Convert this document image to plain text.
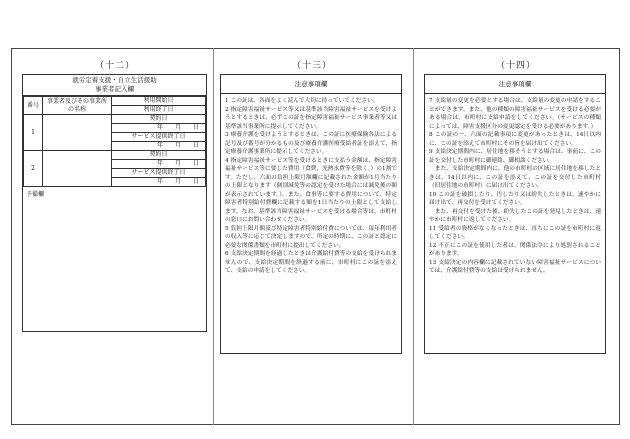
（十二）	（十三）	（十四）
就労定着支援・自立生活援助
事業者記入欄
番号	事業者及びその事業所の名称	利用開始日
		利用終了日
1		契約日
		年　　月　　日
		サービス提供終了日
		年　　月　　日
2		契約日
		年　　月　　日
		サービス提供終了日
		年　　月　　日
予備欄
注意事項欄

1 この証は、各面をよく読んで大切に持っていてください。

2 指定障害福祉サービス等又は基準該当障害福祉サービスを受けようとするときは、必ずこの証を指定障害福祉サービス事業者等又は基準該当事業所に提示してください。

3 療養介護を受けようとするときは、この証に医療保険各法による記号及び番号が分かるもの及び療養介護医療受給者証を添えて、指定療養介護事業所に提示してください。

4 指定障害福祉サービス等を受けるときに支払う金額は、指定障害福祉サービス等に要した費用（食費、光熱水費等を除く。）の1割です。ただし、六面の負担上限月額欄に記載された金額が1月当たりの上限となります（個別減免等の認定を受けた場合には減免後の額が表示されています。）。また、食事等に要する費用について、特定障害者特別給付費欄に記載する額を1日当たりの上限として支給します。なお、基準該当障害福祉サービスを受ける場合等は、市町村の窓口にお問い合わせください。

5 負担上限月額及び特定障害者特別給付費については、毎年利用者の収入等に応じて決定しますので、所定の時期に、この証と認定に必要な関係書類を市町村に提出してください。

6 支給決定期間を経過したときは介護給付費等の支給を受けられませんので、支給決定期間を経過する前に、市町村にこの証を添えて、支給の申請をしてください。

注意事項欄

7 支給量の変更を必要とする場合は、支給量の変更の申請をすることができます。また、他の種類の障害福祉サービスを受ける必要がある場合は、市町村に支給申請をしてください。（サービスの種類によっては、障害支援区分の変更認定を受ける必要があります。）

8 この証の一、六面の記載事項に変更があったときは、14日以内に、この証を添えて市町村にその旨を届け出てください。

9 支給決定期間内に、居住地を移そうとする場合は、事前に、この証を交付した市町村に御連絡、御相談ください。

　また、支給決定期間内に、他の市町村の区域に居住地を移したときは、14日以内に、この証を添えて、この証を交付した市町村（旧居住地の市町村）に届け出てください。

10 この証を破損したり、汚したり又は紛失したときは、速やかに届け出て、再交付を受けてください。

　また、再交付を受けた後、紛失したこの証を発見したときは、速やかに市町村に返してください。

11 受給者の資格がなくなったときは、直ちにこの証を市町村に返してください。

12 不正にこの証を使用した者は、関係法令により処罰されることがあります。

13 支給決定の内容欄に記載されていない障害福祉サービスについては、介護給付費等の支給は受けられません。
